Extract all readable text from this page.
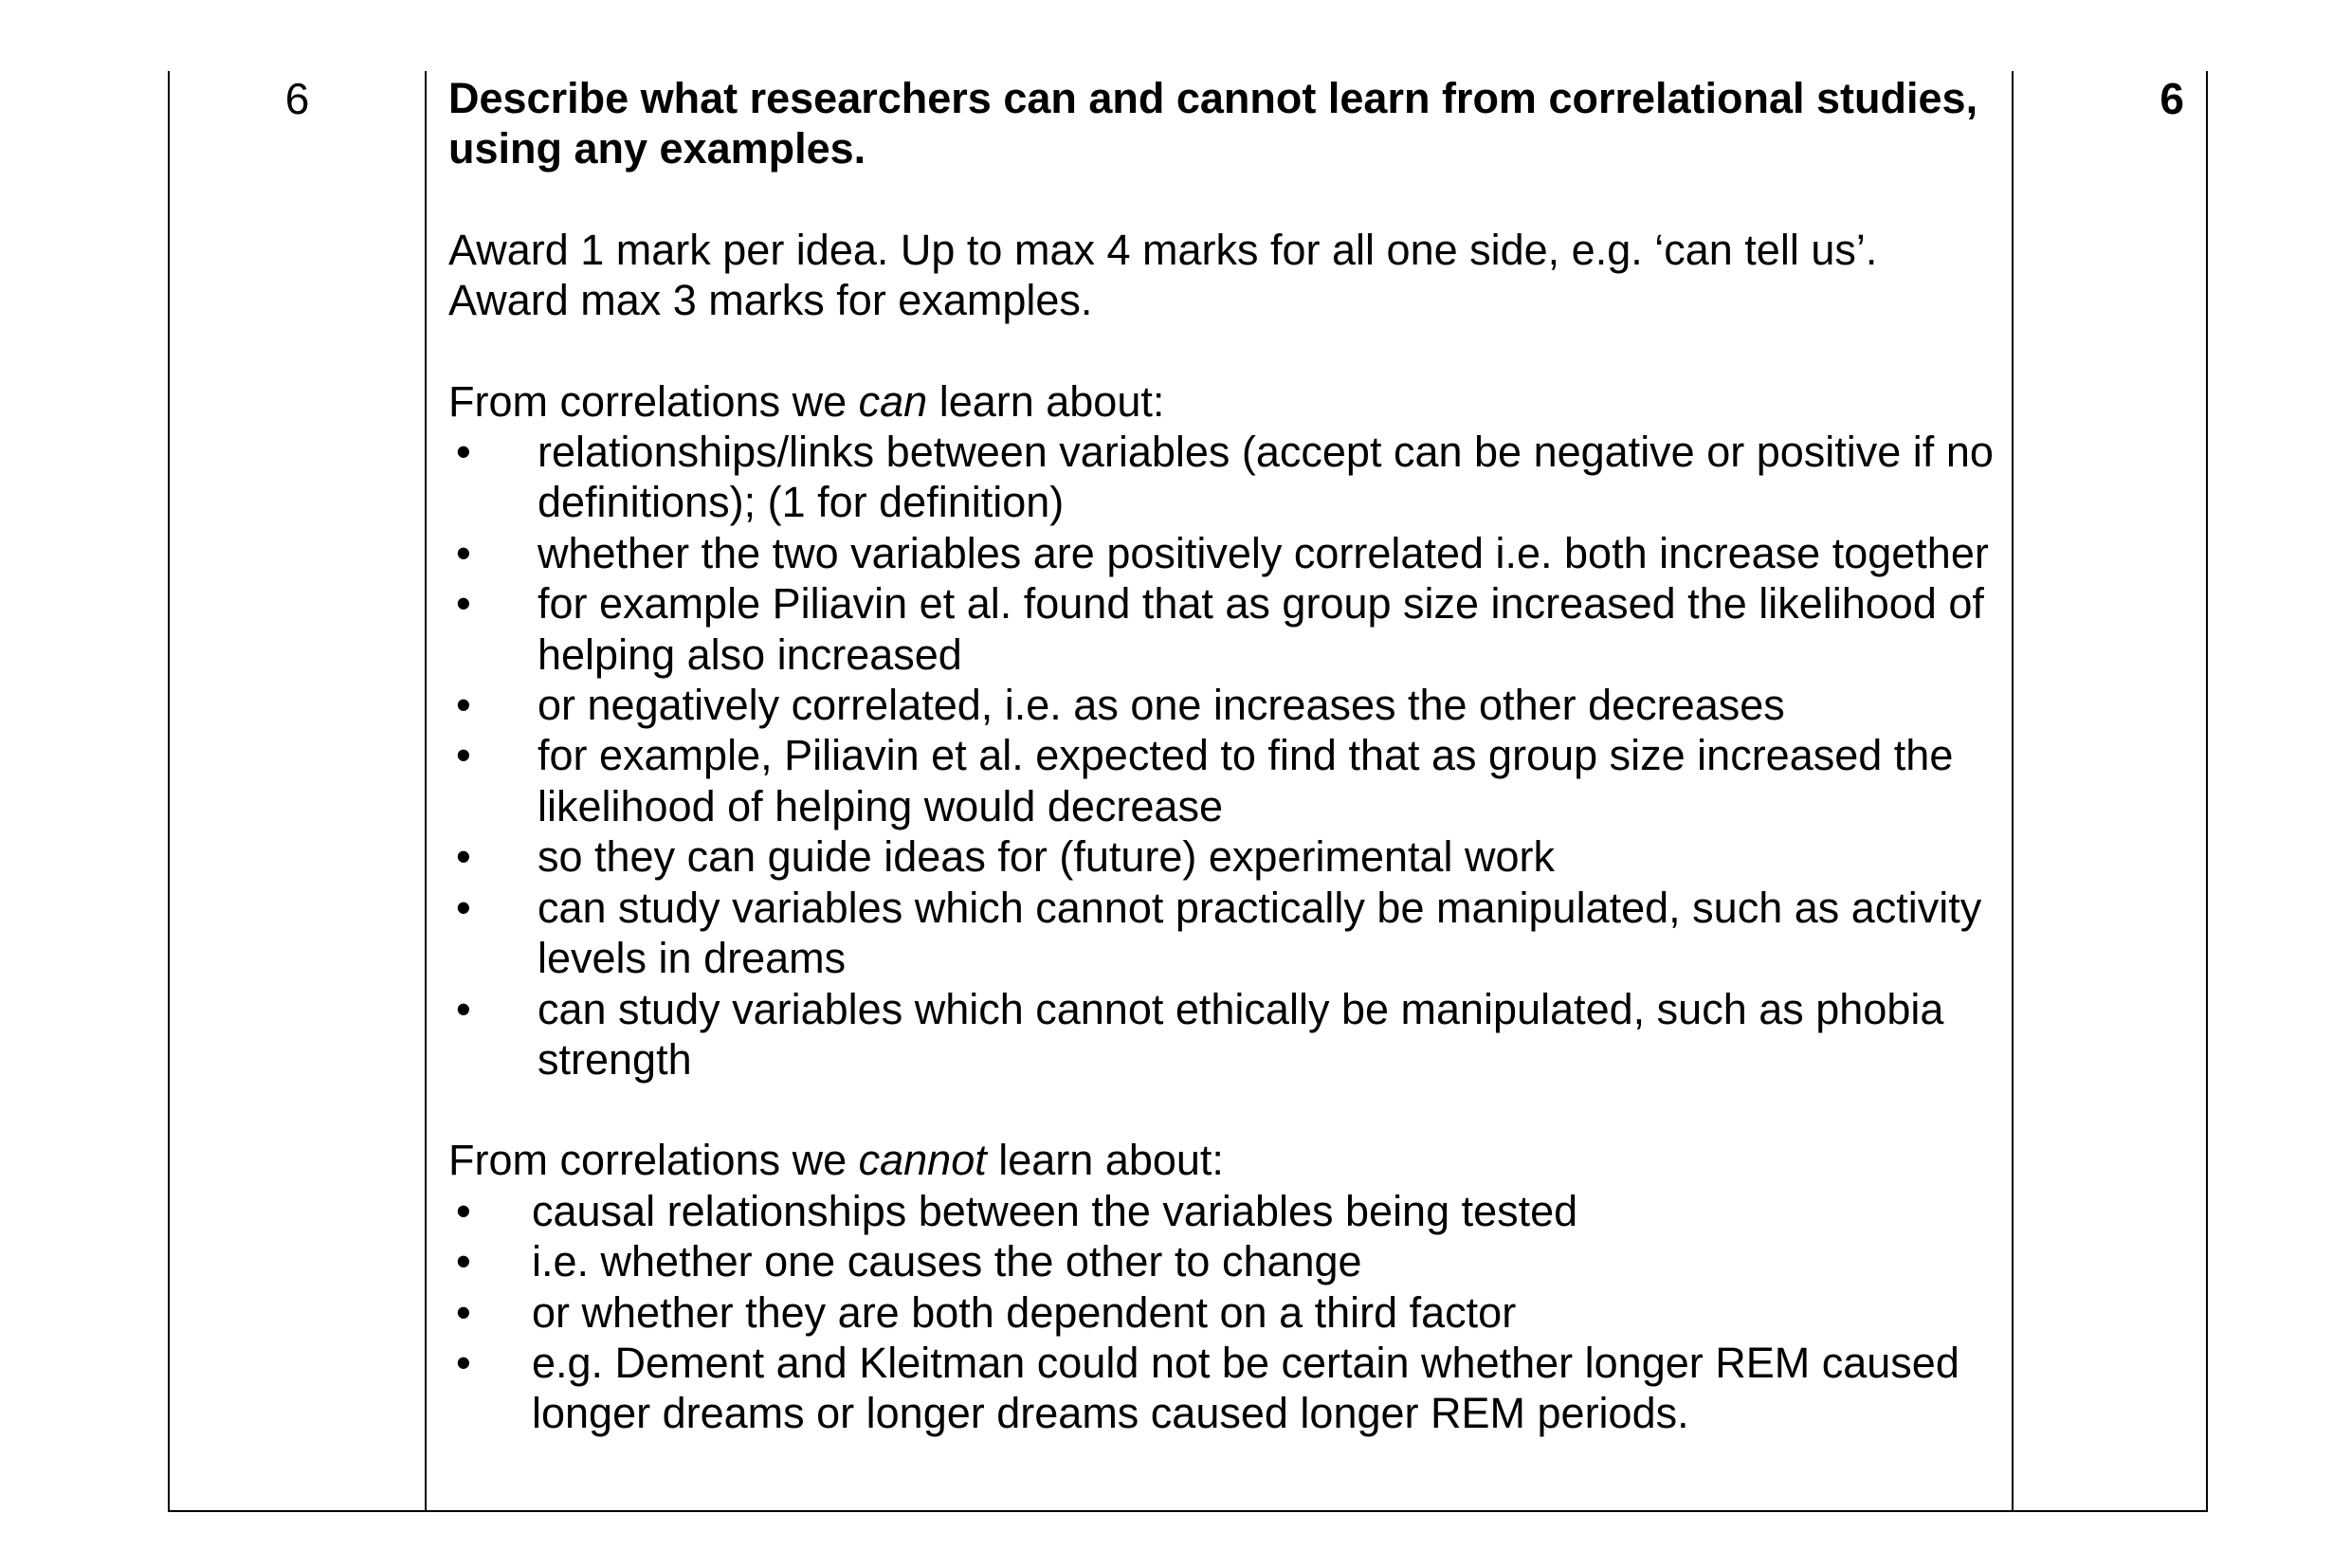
6	Describe what researchers can and cannot learn from correlational studies, using any examples.

Award 1 mark per idea. Up to max 4 marks for all one side, e.g. ‘can tell us’.

Award max 3 marks for examples.

From correlations we can learn about:

• relationships/links between variables (accept can be negative or positive if no definitions); (1 for definition)
• whether the two variables are positively correlated i.e. both increase together
• for example Piliavin et al. found that as group size increased the likelihood of helping also increased
• or negatively correlated, i.e. as one increases the other decreases
• for example, Piliavin et al. expected to find that as group size increased the likelihood of helping would decrease
• so they can guide ideas for (future) experimental work
• can study variables which cannot practically be manipulated, such as activity levels in dreams
• can study variables which cannot ethically be manipulated, such as phobia strength

From correlations we cannot learn about:

• causal relationships between the variables being tested
• i.e. whether one causes the other to change
• or whether they are both dependent on a third factor
• e.g. Dement and Kleitman could not be certain whether longer REM caused longer dreams or longer dreams caused longer REM periods.
6
